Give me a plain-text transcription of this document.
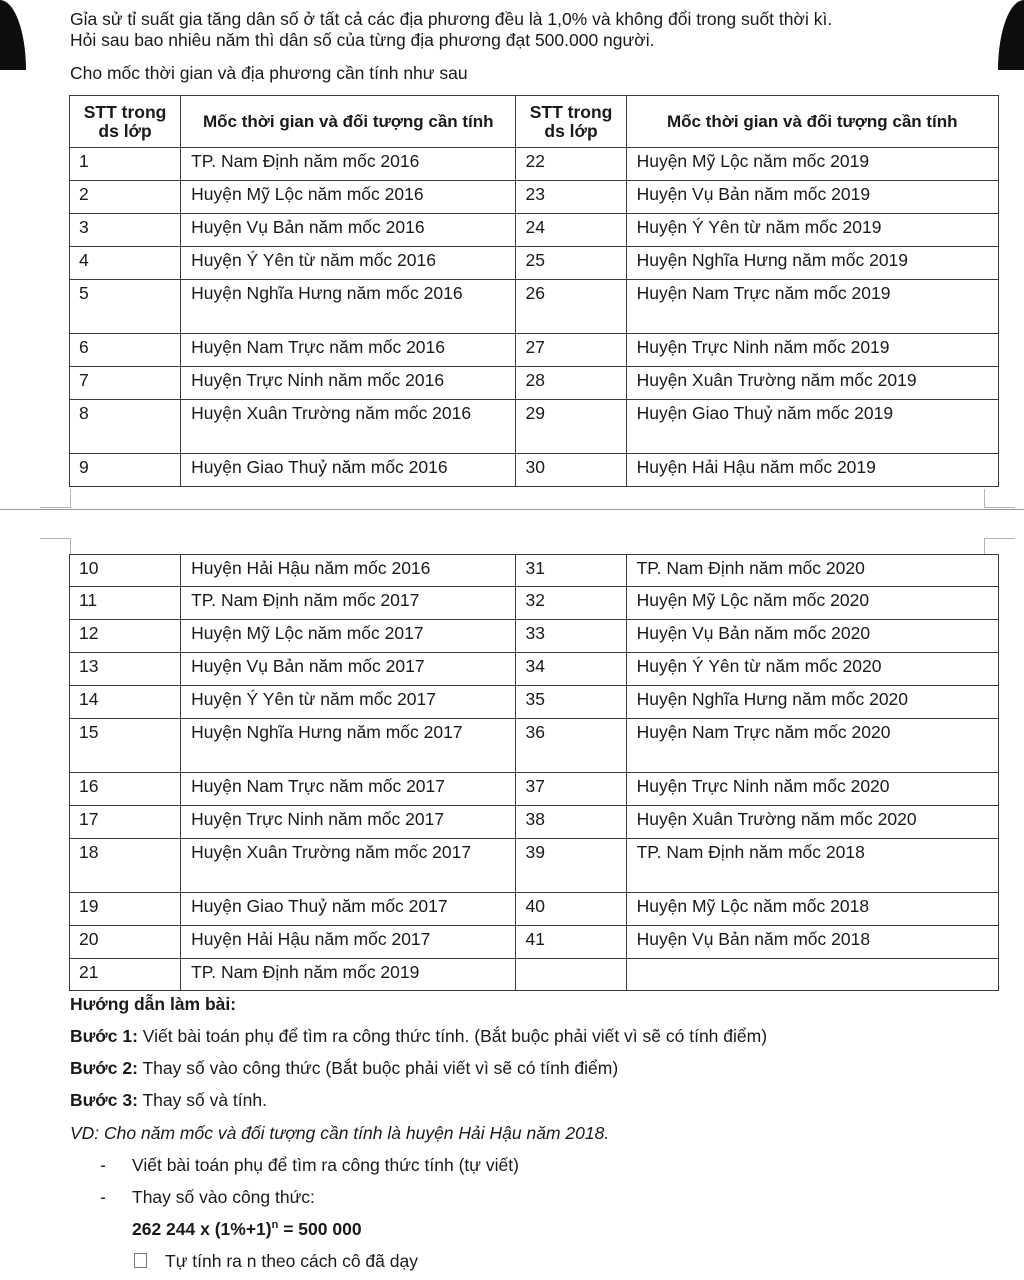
Gỉa sử tỉ suất gia tăng dân số ở tất cả các địa phương đều là 1,0% và không đổi trong suốt thời kì.

Hỏi sau bao nhiêu năm thì dân số của từng địa phương đạt 500.000 người.

Cho mốc thời gian và địa phương cần tính như sau
STT trong ds lớp	Mốc thời gian và đối tượng cần tính	STT trong ds lớp	Mốc thời gian và đối tượng cần tính
1	TP. Nam Định năm mốc 2016	22	Huyện Mỹ Lộc năm mốc 2019
2	Huyện Mỹ Lộc năm mốc 2016	23	Huyện Vụ Bản năm mốc 2019
3	Huyện Vụ Bản năm mốc 2016	24	Huyện Ý Yên từ năm mốc 2019
4	Huyện Ý Yên từ năm mốc 2016	25	Huyện Nghĩa Hưng năm mốc 2019
5	Huyện Nghĩa Hưng năm mốc 2016	26	Huyện Nam Trực năm mốc 2019
6	Huyện Nam Trực năm mốc 2016	27	Huyện Trực Ninh năm mốc 2019
7	Huyện Trực Ninh năm mốc 2016	28	Huyện Xuân Trường năm mốc 2019
8	Huyện Xuân Trường năm mốc 2016	29	Huyện Giao Thuỷ năm mốc 2019
9	Huyện Giao Thuỷ năm mốc 2016	30	Huyện Hải Hậu năm mốc 2019
10	Huyện Hải Hậu năm mốc 2016	31	TP. Nam Định năm mốc 2020
11	TP. Nam Định năm mốc 2017	32	Huyện Mỹ Lộc năm mốc 2020
12	Huyện Mỹ Lộc năm mốc 2017	33	Huyện Vụ Bản năm mốc 2020
13	Huyện Vụ Bản năm mốc 2017	34	Huyện Ý Yên từ năm mốc 2020
14	Huyện Ý Yên từ năm mốc 2017	35	Huyện Nghĩa Hưng năm mốc 2020
15	Huyện Nghĩa Hưng năm mốc 2017	36	Huyện Nam Trực năm mốc 2020
16	Huyện Nam Trực năm mốc 2017	37	Huyện Trực Ninh năm mốc 2020
17	Huyện Trực Ninh năm mốc 2017	38	Huyện Xuân Trường năm mốc 2020
18	Huyện Xuân Trường năm mốc 2017	39	TP. Nam Định năm mốc 2018
19	Huyện Giao Thuỷ năm mốc 2017	40	Huyện Mỹ Lộc năm mốc 2018
20	Huyện Hải Hậu năm mốc 2017	41	Huyện Vụ Bản năm mốc 2018
21	TP. Nam Định năm mốc 2019		

Hướng dẫn làm bài:

Bước 1: Viết bài toán phụ để tìm ra công thức tính. (Bắt buộc phải viết vì sẽ có tính điểm)

Bước 2: Thay số vào công thức (Bắt buộc phải viết vì sẽ có tính điểm)

Bước 3: Thay số và tính.

VD: Cho năm mốc và đối tượng cần tính là huyện Hải Hậu năm 2018.
- Viết bài toán phụ để tìm ra công thức tính (tự viết)
- Thay số vào công thức:
262 244 x $(1\%+1)^n = 500$ 000
Tự tính ra n theo cách cô đã dạy
